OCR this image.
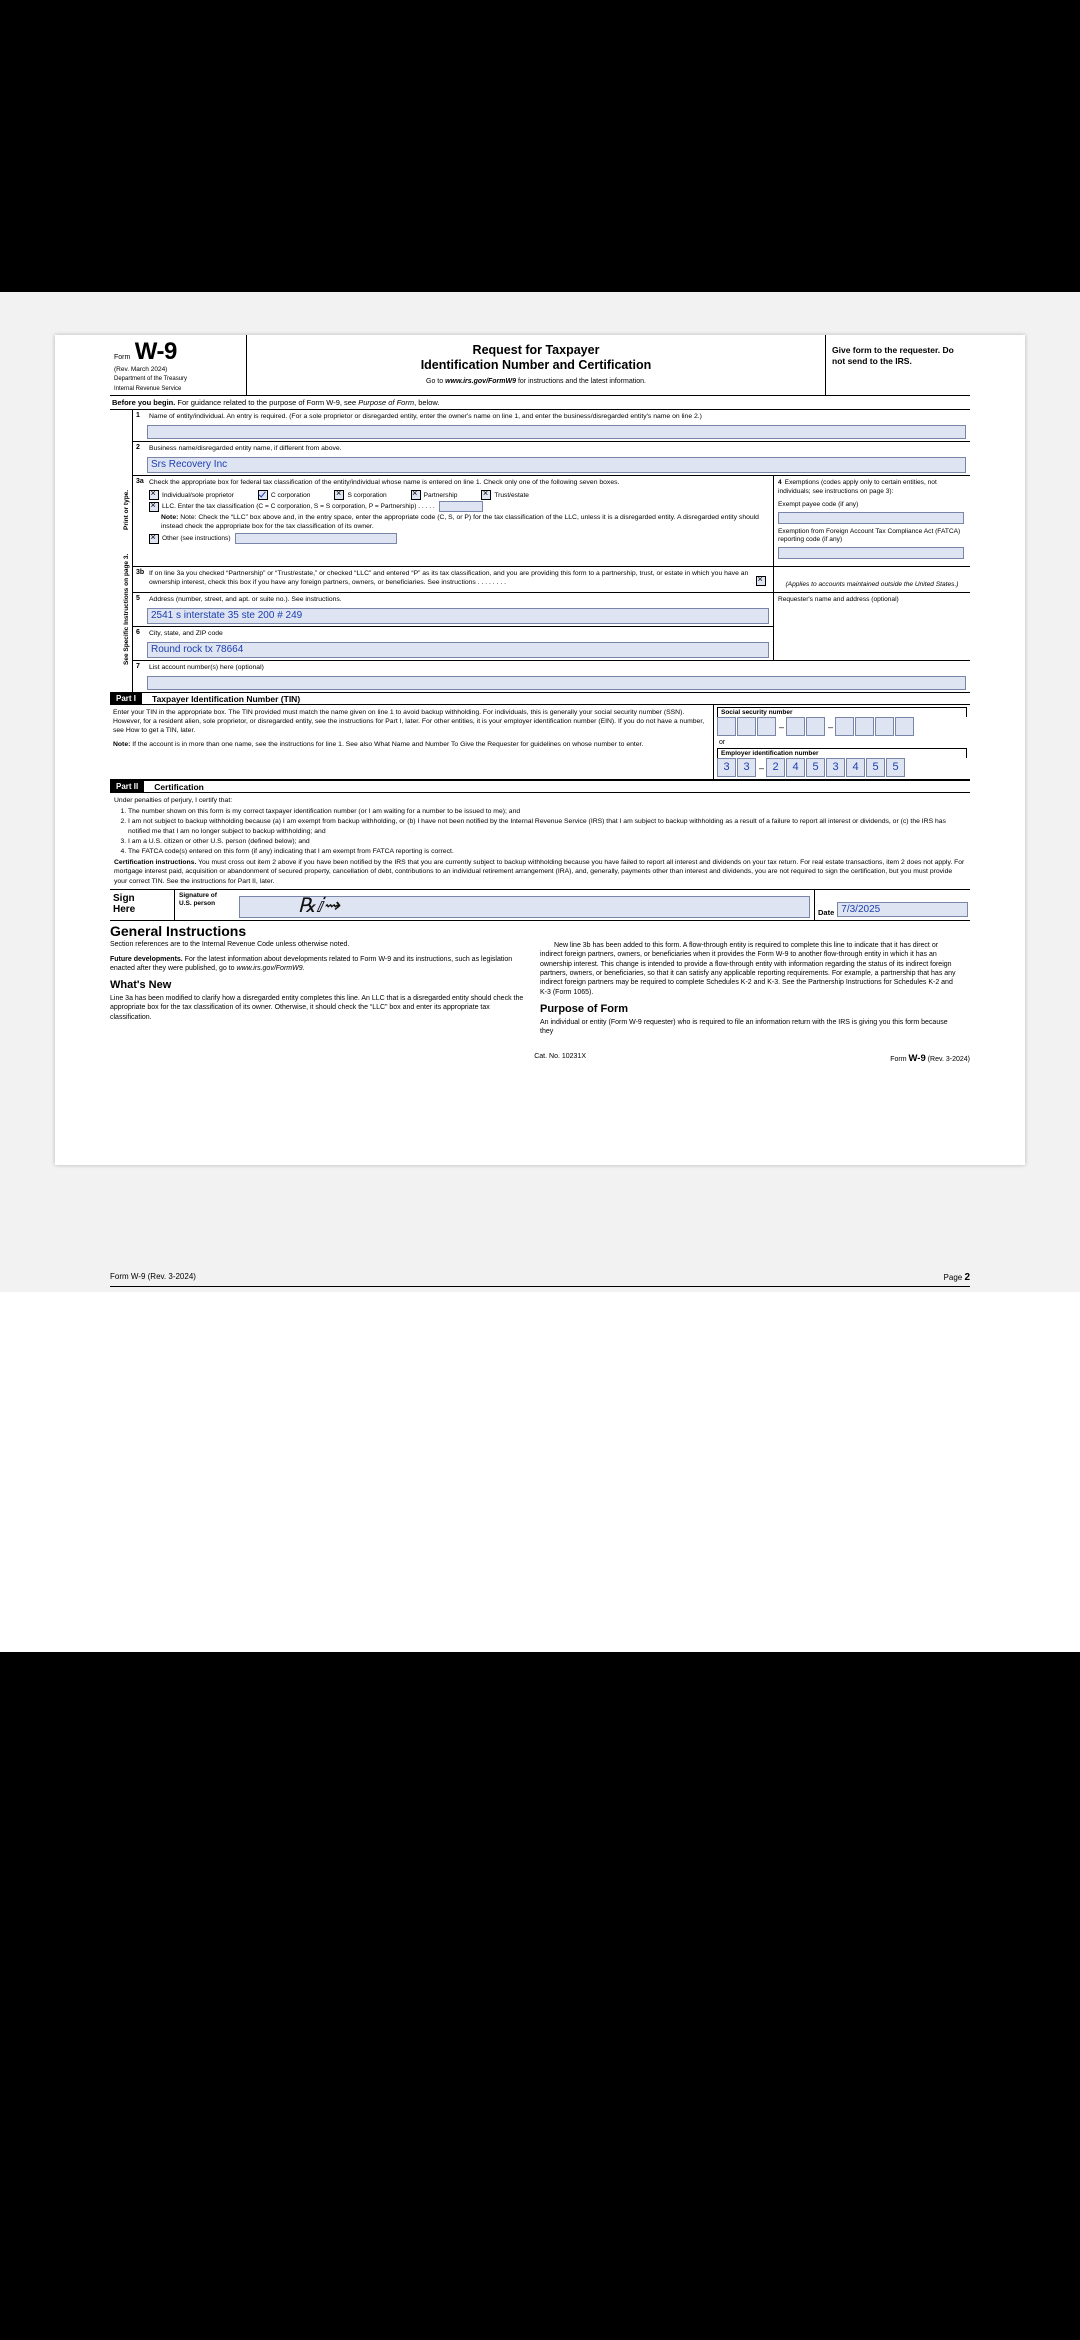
Form W-9
(Rev. March 2024)
Department of the Treasury
Internal Revenue Service
Request for Taxpayer
Identification Number and Certification
Go to www.irs.gov/FormW9 for instructions and the latest information.
Give form to the requester. Do not send to the IRS.
Before you begin. For guidance related to the purpose of Form W-9, see Purpose of Form, below.
Print or type.
See Specific Instructions on page 3.
1	Name of entity/individual. An entry is required. (For a sole proprietor or disregarded entity, enter the owner's name on line 1, and enter the business/disregarded entity's name on line 2.)
2	Business name/disregarded entity name, if different from above.
Srs Recovery Inc
3a Check the appropriate box for federal tax classification of the entity/individual whose name is entered on line 1. Check only one of the following seven boxes.
×
Individual/sole proprietor	C corporation ×	S corporation ×	Partnership ×	Trust/estate
×
LLC. Enter the tax classification (C = C corporation, S = S corporation, P = Partnership) . . . . .
Note: Note: Check the “LLC” box above and, in the entry space, enter the appropriate code (C, S, or P) for the tax classification of the LLC, unless it is a disregarded entity. A disregarded entity should instead check the appropriate box for the tax classification of its owner.
×
Other (see instructions)
4 Exemptions (codes apply only to certain entities, not individuals; see instructions on page 3):
Exempt payee code (if any)
Exemption from Foreign Account Tax Compliance Act (FATCA) reporting code (if any)
3b If on line 3a you checked “Partnership” or “Trust/estate,” or checked “LLC” and entered “P” as its tax classification, and you are providing this form to a partnership, trust, or estate in which you have an ownership interest, check this box if you have any foreign partners, owners, or beneficiaries. See instructions . . . . . . . . ×	(Applies to accounts maintained outside the United States.)
5	Address (number, street, and apt. or suite no.). See instructions.
2541 s interstate 35 ste 200 # 249
6	City, state, and ZIP code
Round rock tx 78664
Requester's name and address (optional)
7	List account number(s) here (optional)
Part I	Taxpayer Identification Number (TIN)
Enter your TIN in the appropriate box. The TIN provided must match the name given on line 1 to avoid backup withholding. For individuals, this is generally your social security number (SSN). However, for a resident alien, sole proprietor, or disregarded entity, see the instructions for Part I, later. For other entities, it is your employer identification number (EIN). If you do not have a number, see How to get a TIN, later.
Note: If the account is in more than one name, see the instructions for line 1. See also What Name and Number To Give the Requester for guidelines on whose number to enter.
Social security number
–	–
or
Employer identification number
3	3	– 2	4	5	3	4	5	5
Part II	Certification
Under penalties of perjury, I certify that:
1. The number shown on this form is my correct taxpayer identification number (or I am waiting for a number to be issued to me); and
2. I am not subject to backup withholding because (a) I am exempt from backup withholding, or (b) I have not been notified by the Internal Revenue Service (IRS) that I am subject to backup withholding as a result of a failure to report all interest or dividends, or (c) the IRS has notified me that I am no longer subject to backup withholding; and
3. I am a U.S. citizen or other U.S. person (defined below); and
4. The FATCA code(s) entered on this form (if any) indicating that I am exempt from FATCA reporting is correct.
Certification instructions. You must cross out item 2 above if you have been notified by the IRS that you are currently subject to backup withholding because you have failed to report all interest and dividends on your tax return. For real estate transactions, item 2 does not apply. For mortgage interest paid, acquisition or abandonment of secured property, cancellation of debt, contributions to an individual retirement arrangement (IRA), and, generally, payments other than interest and dividends, you are not required to sign the certification, but you must provide your correct TIN. See the instructions for Part II, later.
Sign
Here
Signature of
U.S. person	℞ⅈ⇝	Date 7/3/2025
General Instructions

Section references are to the Internal Revenue Code unless otherwise noted.

Future developments. For the latest information about developments related to Form W-9 and its instructions, such as legislation enacted after they were published, go to www.irs.gov/FormW9.

What's New

Line 3a has been modified to clarify how a disregarded entity completes this line. An LLC that is a disregarded entity should check the appropriate box for the tax classification of its owner. Otherwise, it should check the “LLC” box and enter its appropriate tax classification.

New line 3b has been added to this form. A flow-through entity is required to complete this line to indicate that it has direct or indirect foreign partners, owners, or beneficiaries when it provides the Form W-9 to another flow-through entity in which it has an ownership interest. This change is intended to provide a flow-through entity with information regarding the status of its indirect foreign partners, owners, or beneficiaries, so that it can satisfy any applicable reporting requirements. For example, a partnership that has any indirect foreign partners may be required to complete Schedules K-2 and K-3. See the Partnership Instructions for Schedules K-2 and K-3 (Form 1065).

Purpose of Form

An individual or entity (Form W-9 requester) who is required to file an information return with the IRS is giving you this form because they

Cat. No. 10231X	Form W-9 (Rev. 3-2024)
Form W-9 (Rev. 3-2024)	Page 2
